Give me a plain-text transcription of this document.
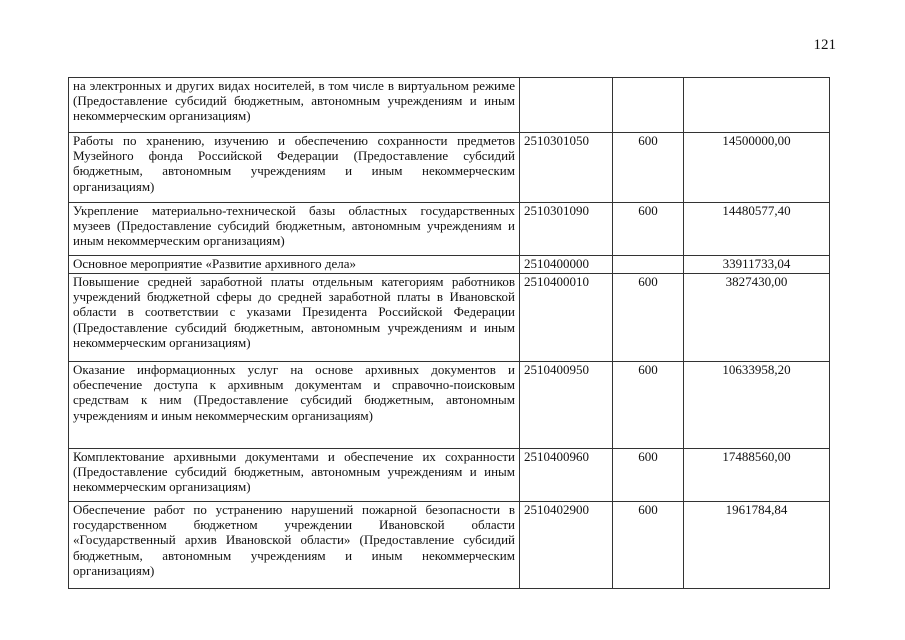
121
на электронных и других видах носителей, в том числе в виртуальном режиме (Предоставление субсидий бюджетным, автономным учреждениям и иным некоммерческим организациям)			
Работы по хранению, изучению и обеспечению сохранности предметов Музейного фонда Российской Федерации (Предоставление субсидий бюджетным, автономным учреждениям и иным некоммерческим организациям)	2510301050	600	14500000,00
Укрепление материально-технической базы областных государственных музеев (Предоставление субсидий бюджетным, автономным учреждениям и иным некоммерческим организациям)	2510301090	600	14480577,40
Основное мероприятие «Развитие архивного дела»	2510400000		33911733,04
Повышение средней заработной платы отдельным категориям работников учреждений бюджетной сферы до средней заработной платы в Ивановской области в соответствии с указами Президента Российской Федерации (Предоставление субсидий бюджетным, автономным учреждениям и иным некоммерческим организациям)	2510400010	600	3827430,00
Оказание информационных услуг на основе архивных документов и обеспечение доступа к архивным документам и справочно-поисковым средствам к ним (Предоставление субсидий бюджетным, автономным учреждениям и иным некоммерческим организациям)	2510400950	600	10633958,20
Комплектование архивными документами и обеспечение их сохранности (Предоставление субсидий бюджетным, автономным учреждениям и иным некоммерческим организациям)	2510400960	600	17488560,00
Обеспечение работ по устранению нарушений пожарной безопасности в государственном бюджетном учреждении Ивановской области «Государственный архив Ивановской области» (Предоставление субсидий бюджетным, автономным учреждениям и иным некоммерческим организациям)	2510402900	600	1961784,84
